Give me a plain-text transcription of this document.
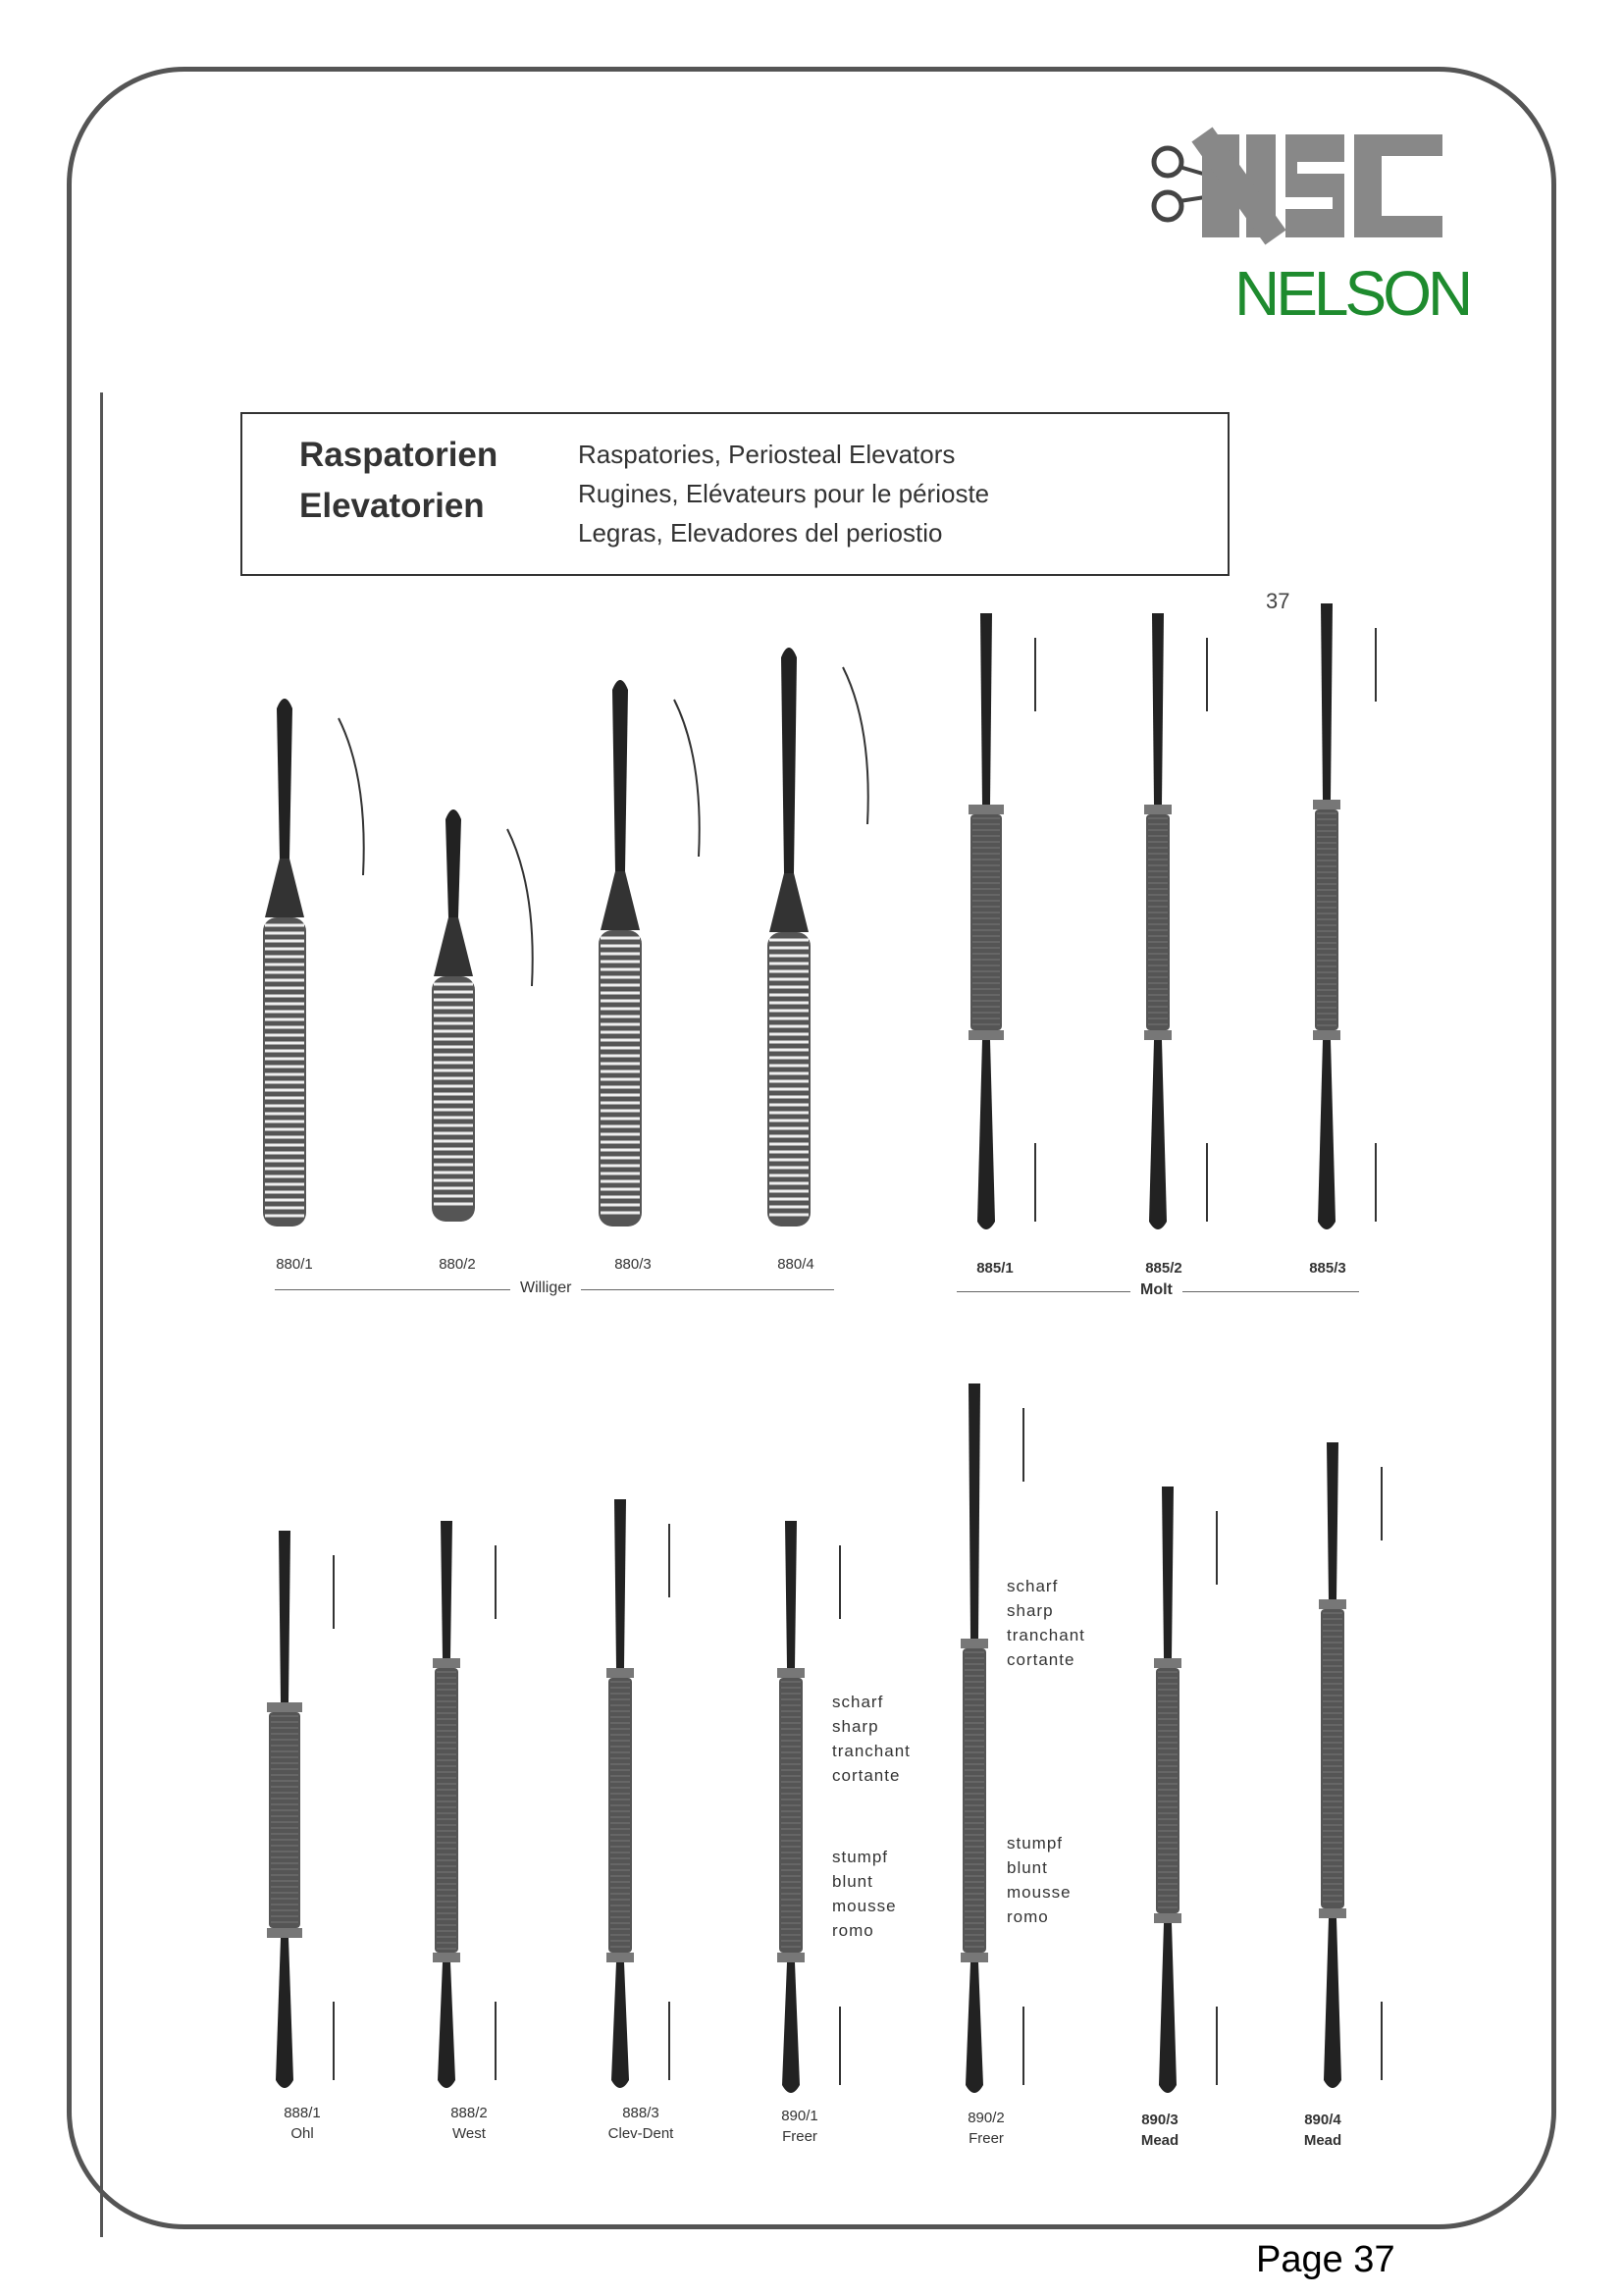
NELSON
Raspatorien
Elevatorien
Raspatories, Periosteal Elevators
Rugines, Elévateurs pour le périoste
Legras, Elevadores del periostio
37
880/1	880/2	880/3	880/4	885/1	885/2	885/3
Williger	Molt
888/1
Ohl
888/2
West
888/3
Clev-Dent
890/1
Freer
890/2
Freer
890/3
Mead
890/4
Mead
scharf
sharp
tranchant
cortante
stumpf
blunt
mousse
romo
scharf
sharp
tranchant
cortante
stumpf
blunt
mousse
romo
Page 37
